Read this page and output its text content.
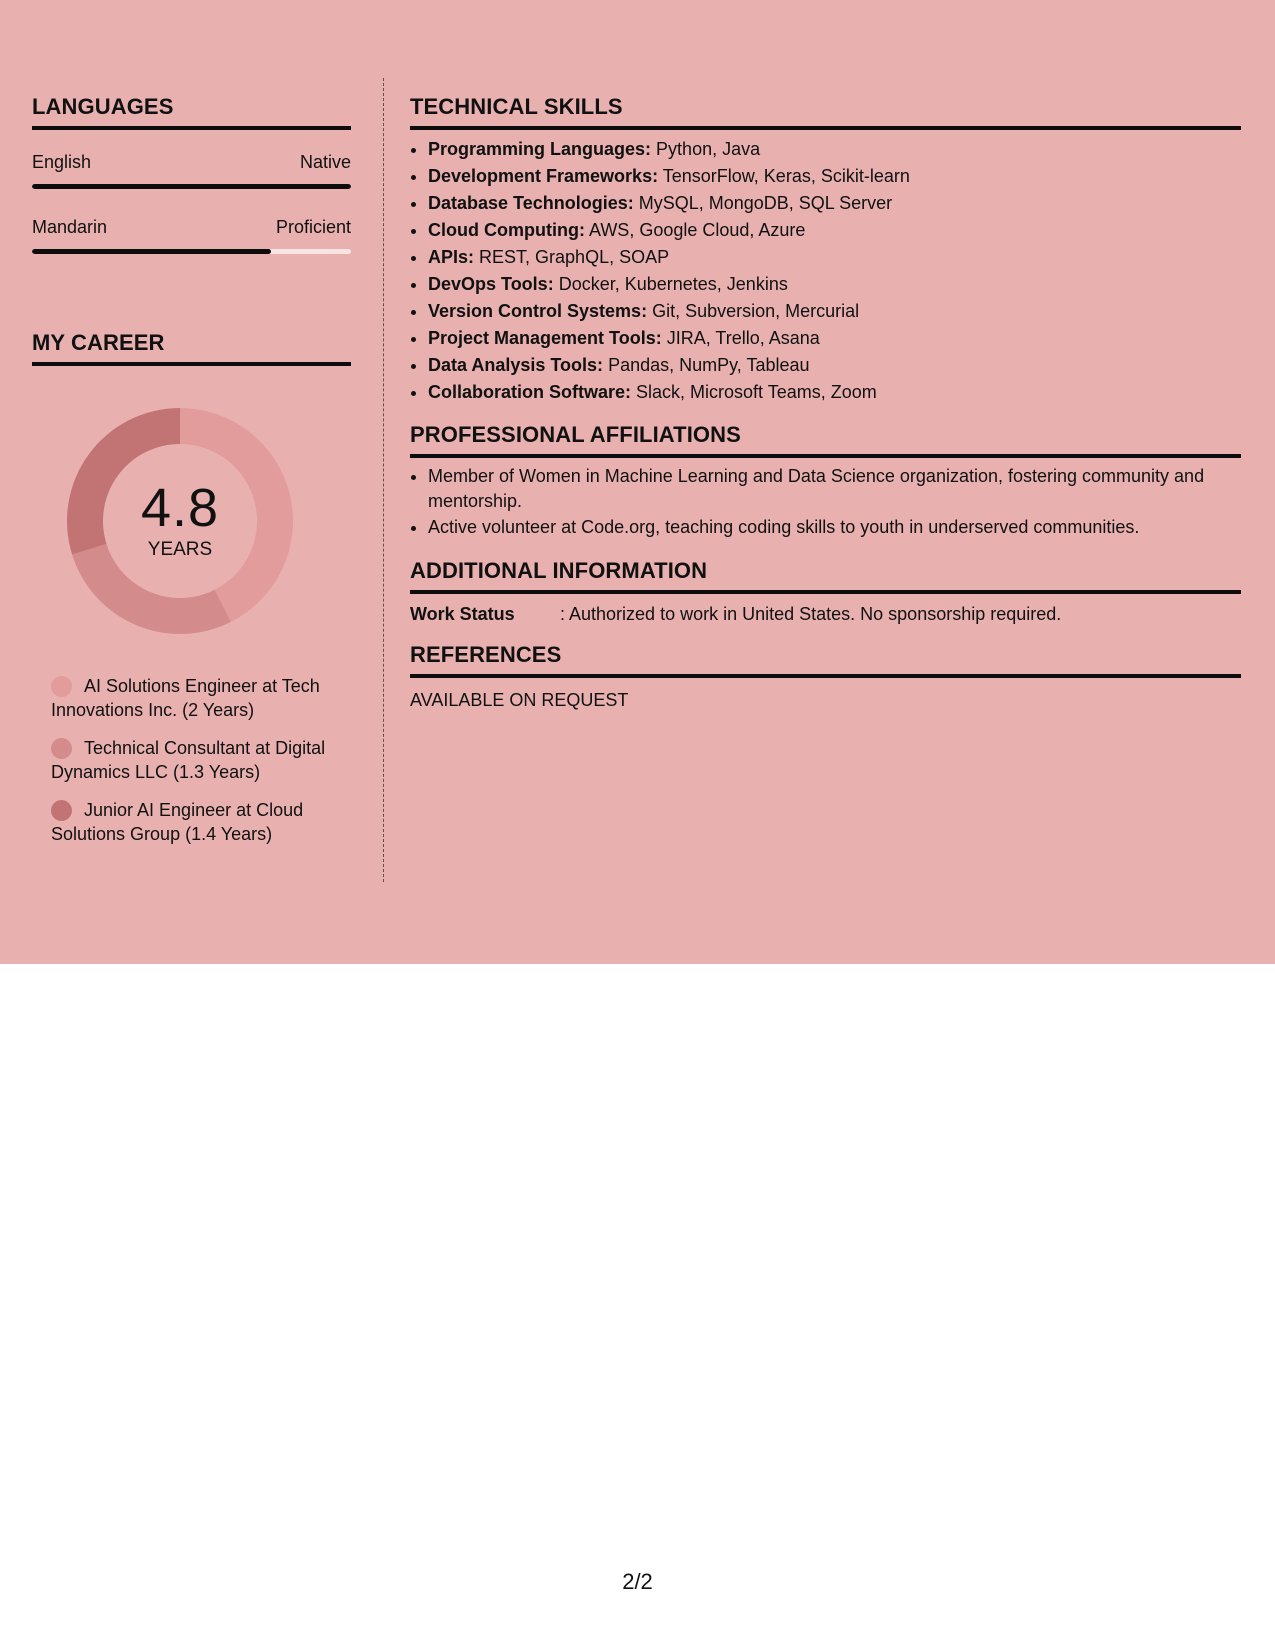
LANGUAGES
English	Native
Mandarin	Proficient
MY CAREER
4.8
YEARS
AI Solutions Engineer at Tech Innovations Inc. (2 Years)
Technical Consultant at Digital Dynamics LLC (1.3 Years)
Junior AI Engineer at Cloud Solutions Group (1.4 Years)
TECHNICAL SKILLS
• Programming Languages: Python, Java
• Development Frameworks: TensorFlow, Keras, Scikit-learn
• Database Technologies: MySQL, MongoDB, SQL Server
• Cloud Computing: AWS, Google Cloud, Azure
• APIs: REST, GraphQL, SOAP
• DevOps Tools: Docker, Kubernetes, Jenkins
• Version Control Systems: Git, Subversion, Mercurial
• Project Management Tools: JIRA, Trello, Asana
• Data Analysis Tools: Pandas, NumPy, Tableau
• Collaboration Software: Slack, Microsoft Teams, Zoom
PROFESSIONAL AFFILIATIONS
• Member of Women in Machine Learning and Data Science organization, fostering community and mentorship.
• Active volunteer at Code.org, teaching coding skills to youth in underserved communities.
ADDITIONAL INFORMATION
Work Status	: Authorized to work in United States. No sponsorship required.
REFERENCES
AVAILABLE ON REQUEST
2/2
